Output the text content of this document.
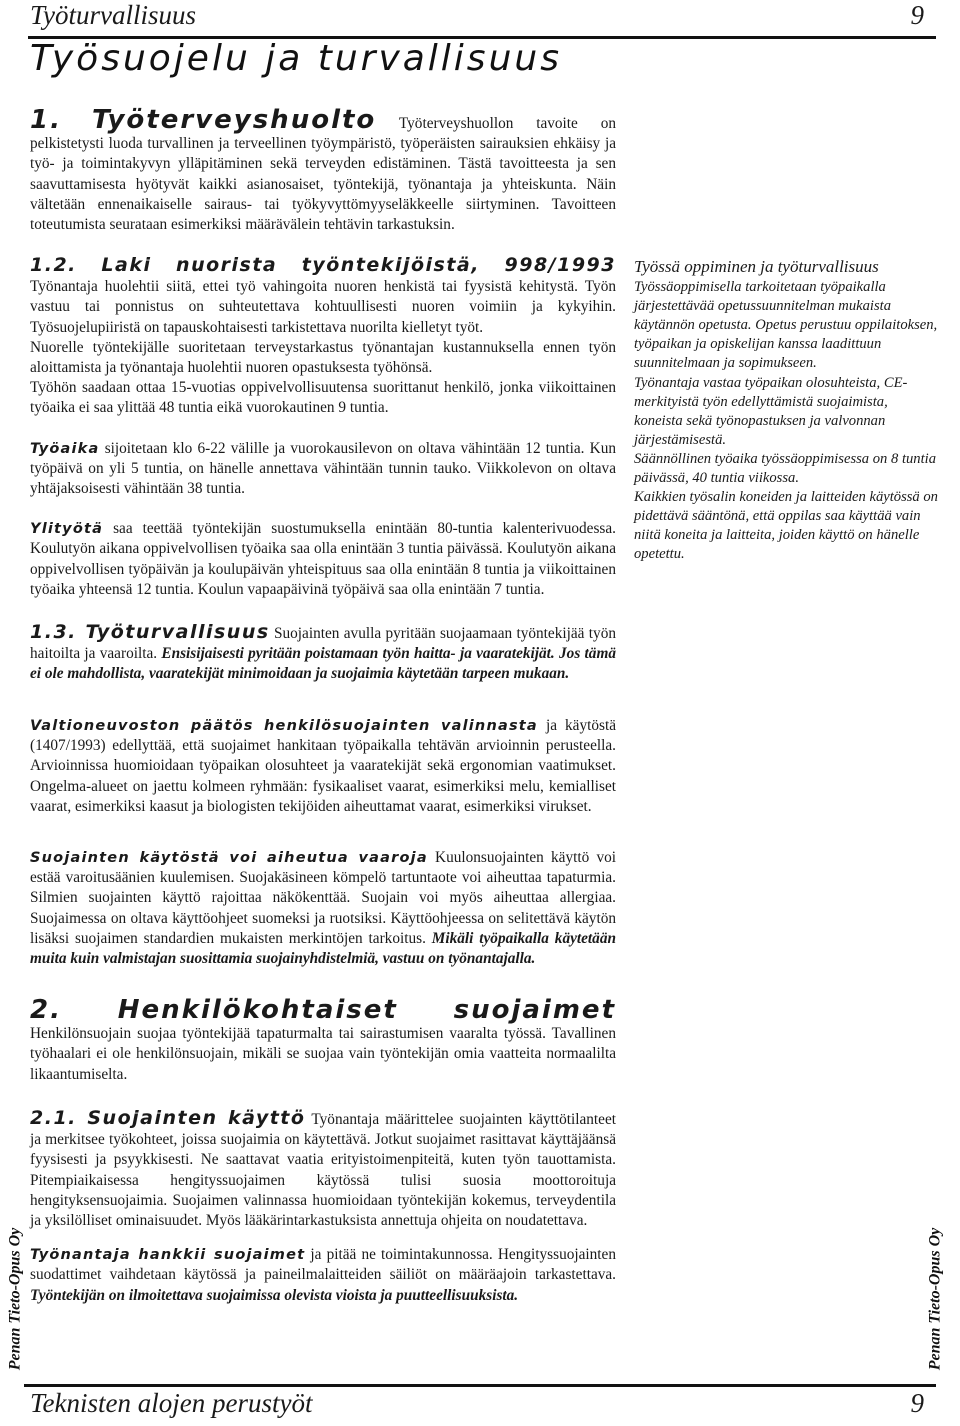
Työturvallisuus	9
Työsuojelu ja turvallisuus

1. Työterveyshuolto Työterveyshuollon tavoite on pelkistetysti luoda turvallinen ja terveellinen työympäristö, työperäisten sairauksien ehkäisy ja työ- ja toimintakyvyn ylläpitäminen sekä terveyden edistäminen. Tästä tavoitteesta ja sen saavuttamisesta hyötyvät kaikki asianosaiset, työntekijä, työnantaja ja yhteiskunta. Näin vältetään ennenaikaiselle sairaus- tai työkyvyttömyyseläkkeelle siirtyminen. Tavoitteen toteutumista seurataan esimerkiksi määrävälein tehtävin tarkastuksin.

1.2. Laki nuorista työntekijöistä, 998/1993 Työnantaja huolehtii siitä, ettei työ vahingoita nuoren henkistä tai fyysistä kehitystä. Työn vastuu tai ponnistus on suhteutettava kohtuullisesti nuoren voimiin ja kykyihin. Työsuojelupiiristä on tapauskohtaisesti tarkistettava nuorilta kielletyt työt.

Nuorelle työntekijälle suoritetaan terveystarkastus työnantajan kustannuksella ennen työn aloittamista ja työnantaja huolehtii nuoren opastuksesta työhönsä.

Työhön saadaan ottaa 15-vuotias oppivelvollisuutensa suorittanut henkilö, jonka viikoittainen työaika ei saa ylittää 48 tuntia eikä vuorokautinen 9 tuntia.

Työaika sijoitetaan klo 6-22 välille ja vuorokausilevon on oltava vähintään 12 tuntia. Kun työpäivä on yli 5 tuntia, on hänelle annettava vähintään tunnin tauko. Viikkolevon on oltava yhtäjaksoisesti vähintään 38 tuntia.

Ylityötä saa teettää työntekijän suostumuksella enintään 80-tuntia kalenterivuodessa. Koulutyön aikana oppivelvollisen työaika saa olla enintään 3 tuntia päivässä. Koulutyön aikana oppivelvollisen työpäivän ja koulupäivän yhteispituus saa olla enintään 8 tuntia ja viikoittainen työaika yhteensä 12 tuntia. Koulun vapaapäivinä työpäivä saa olla enintään 7 tuntia.

Työssä oppiminen ja työturvallisuus

Työssäoppimisella tarkoitetaan työpaikalla järjestettävää opetussuunnitelman mukaista käytännön opetusta. Opetus perustuu oppilaitoksen, työpaikan ja opiskelijan kanssa laadittuun suunnitelmaan ja sopimukseen.

Työnantaja vastaa työpaikan olosuhteista, CE-merkityistä työn edellyttämistä suojaimista, koneista sekä työnopastuksen ja valvonnan järjestämisestä.

Säännöllinen työaika työssäoppimisessa on 8 tuntia päivässä, 40 tuntia viikossa.

Kaikkien työsalin koneiden ja laitteiden käytössä on pidettävä sääntönä, että oppilas saa käyttää vain niitä koneita ja laitteita, joiden käyttö on hänelle opetettu.

1.3. Työturvallisuus Suojainten avulla pyritään suojaamaan työntekijää työn haitoilta ja vaaroilta. Ensisijaisesti pyritään poistamaan työn haitta- ja vaaratekijät. Jos tämä ei ole mahdollista, vaaratekijät minimoidaan ja suojaimia käytetään tarpeen mukaan.

Valtioneuvoston päätös henkilösuojainten valinnasta ja käytöstä (1407/1993) edellyttää, että suojaimet hankitaan työpaikalla tehtävän arvioinnin perusteella. Arvioinnissa huomioidaan työpaikan olosuhteet ja vaaratekijät sekä ergonomian vaatimukset. Ongelma-alueet on jaettu kolmeen ryhmään: fysikaaliset vaarat, esimerkiksi melu, kemialliset vaarat, esimerkiksi kaasut ja biologisten tekijöiden aiheuttamat vaarat, esimerkiksi virukset.

Suojainten käytöstä voi aiheutua vaaroja Kuulonsuojainten käyttö voi estää varoitusäänien kuulemisen. Suojakäsineen kömpelö tartuntaote voi aiheuttaa tapaturmia. Silmien suojainten käyttö rajoittaa näkökenttää. Suojain voi myös aiheuttaa allergiaa. Suojaimessa on oltava käyttöohjeet suomeksi ja ruotsiksi. Käyttöohjeessa on selitettävä käytön lisäksi suojaimen standardien mukaisten merkintöjen tarkoitus. Mikäli työpaikalla käytetään muita kuin valmistajan suosittamia suojainyhdistelmiä, vastuu on työnantajalla.

2. Henkilökohtaiset suojaimet Henkilönsuojain suojaa työntekijää tapaturmalta tai sairastumisen vaaralta työssä. Tavallinen työhaalari ei ole henkilönsuojain, mikäli se suojaa vain työntekijän omia vaatteita normaalilta likaantumiselta.

2.1. Suojainten käyttö Työnantaja määrittelee suojainten käyttötilanteet ja merkitsee työkohteet, joissa suojaimia on käytettävä. Jotkut suojaimet rasittavat käyttäjäänsä fyysisesti ja psyykkisesti. Ne saattavat vaatia erityistoimenpiteitä, kuten työn tauottamista. Pitempiaikaisessa hengityssuojaimen käytössä tulisi suosia moottoroituja hengityksensuojaimia. Suojaimen valinnassa huomioidaan työntekijän kokemus, terveydentila ja yksilölliset ominaisuudet. Myös lääkärintarkastuksista annettuja ohjeita on noudatettava.

Työnantaja hankkii suojaimet ja pitää ne toimintakunnossa. Hengityssuojainten suodattimet vaihdetaan käytössä ja paineilmalaitteiden säiliöt on määräajoin tarkastettava. Työntekijän on ilmoitettava suojaimissa olevista vioista ja puutteellisuuksista.

Penan Tieto-Opus Oy	Penan Tieto-Opus Oy
Teknisten alojen perustyöt	9
